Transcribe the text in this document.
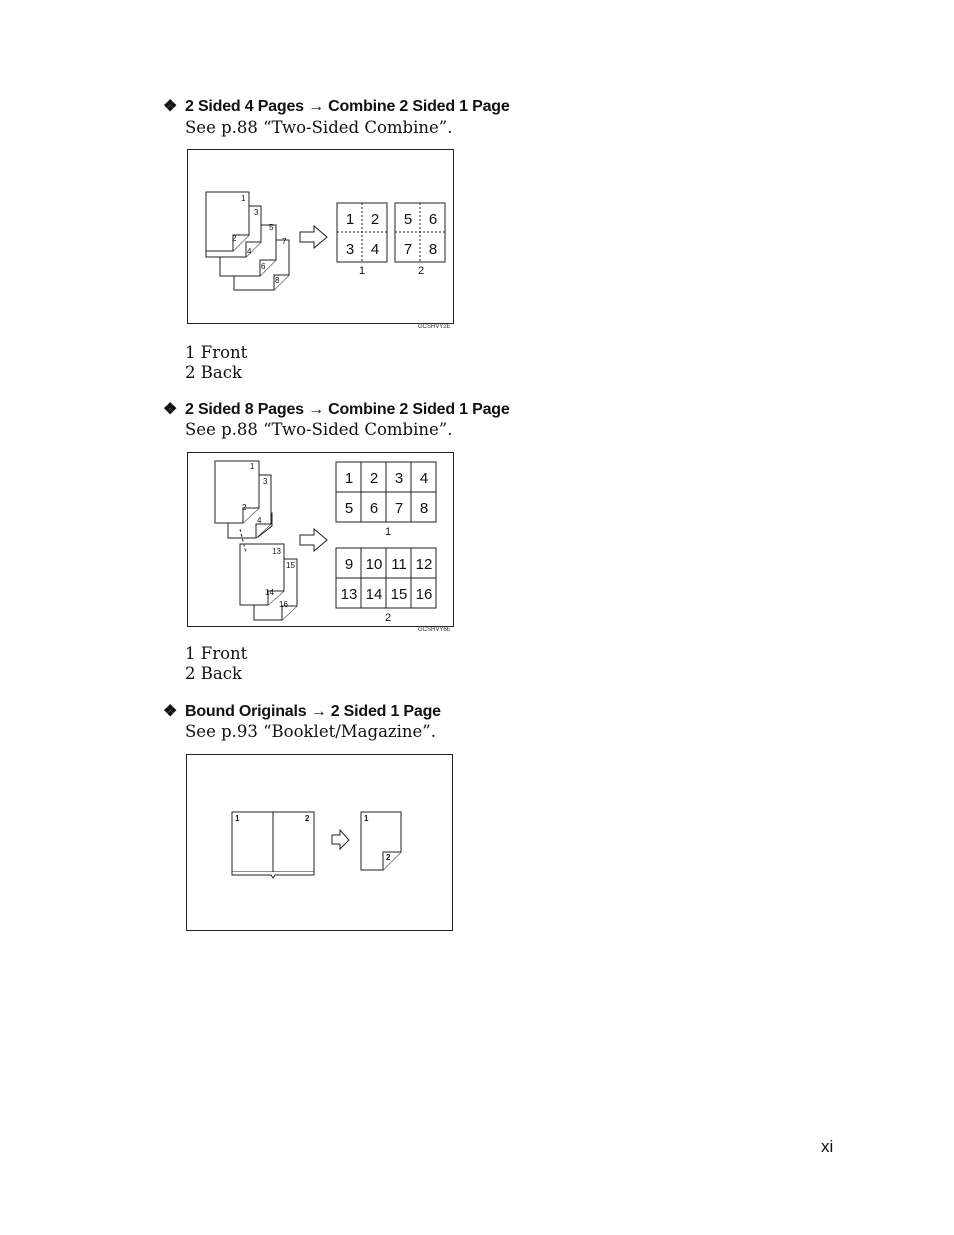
❖ 2 Sided 4 Pages → Combine 2 Sided 1 Page
See p.88 “Two-Sided Combine”.
1
2
3
4
5
6
7
8
1 2
3 4
5 6
7 8
1	2
GCSHVY2E
1 Front
2 Back
❖ 2 Sided 8 Pages → Combine 2 Sided 1 Page
See p.88 “Two-Sided Combine”.
1
2
3
4
13
14
15
16
1 2 3 4
5 6 7 8
9 10 11 12
13 14 15 16
1
2
GCSHVY6E
1 Front
2 Back
❖ Bound Originals → 2 Sided 1 Page
See p.93 “Booklet/Magazine”.
1	2	1
2
xi
